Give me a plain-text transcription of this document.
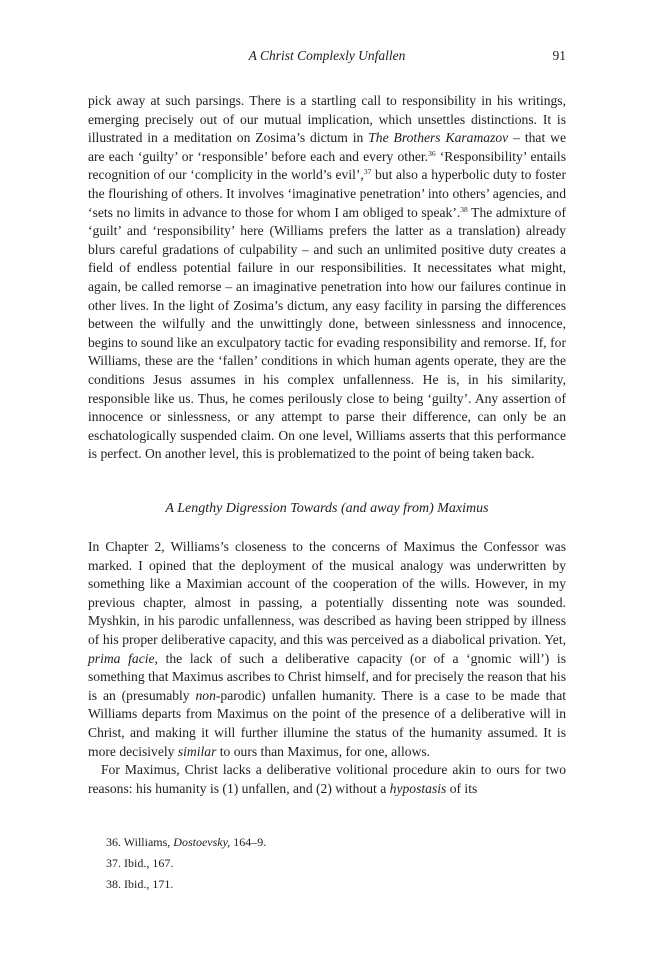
A Christ Complexly Unfallen	91

pick away at such parsings. There is a startling call to responsibility in his writings, emerging precisely out of our mutual implication, which unsettles distinctions. It is illustrated in a meditation on Zosima’s dictum in The Brothers Karamazov – that we are each ‘guilty’ or ‘responsible’ before each and every other.$^{36}$ ‘Responsibility’ entails recognition of our ‘complicity in the world’s evil’,$^{37}$ but also a hyperbolic duty to foster the flourishing of others. It involves ‘imaginative penetration’ into others’ agencies, and ‘sets no limits in advance to those for whom I am obliged to speak’.$^{38}$ The admixture of ‘guilt’ and ‘responsibility’ here (Williams prefers the latter as a translation) already blurs careful gradations of culpability – and such an unlimited positive duty creates a field of endless potential failure in our responsibilities. It necessitates what might, again, be called remorse – an imaginative penetration into how our failures continue in other lives. In the light of Zosima’s dictum, any easy facility in parsing the differences between the wilfully and the unwittingly done, between sinlessness and innocence, begins to sound like an exculpatory tactic for evading responsibility and remorse. If, for Williams, these are the ‘fallen’ conditions in which human agents operate, they are the conditions Jesus assumes in his complex unfallenness. He is, in his similarity, responsible like us. Thus, he comes perilously close to being ‘guilty’. Any assertion of innocence or sinlessness, or any attempt to parse their difference, can only be an eschatologically suspended claim. On one level, Williams asserts that this performance is perfect. On another level, this is problematized to the point of being taken back.

A Lengthy Digression Towards (and away from) Maximus

In Chapter 2, Williams’s closeness to the concerns of Maximus the Confessor was marked. I opined that the deployment of the musical analogy was underwritten by something like a Maximian account of the cooperation of the wills. However, in my previous chapter, almost in passing, a potentially dissenting note was sounded. Myshkin, in his parodic unfallenness, was described as having been stripped by illness of his proper deliberative capacity, and this was perceived as a diabolical privation. Yet, prima facie, the lack of such a deliberative capacity (or of a ‘gnomic will’) is something that Maximus ascribes to Christ himself, and for precisely the reason that his is an (presumably non-parodic) unfallen humanity. There is a case to be made that Williams departs from Maximus on the point of the presence of a deliberative will in Christ, and making it will further illumine the status of the humanity assumed. It is more decisively similar to ours than Maximus, for one, allows.

For Maximus, Christ lacks a deliberative volitional procedure akin to ours for two reasons: his humanity is (1) unfallen, and (2) without a hypostasis of its

36. Williams, Dostoevsky, 164–9.
37. Ibid., 167.
38. Ibid., 171.
